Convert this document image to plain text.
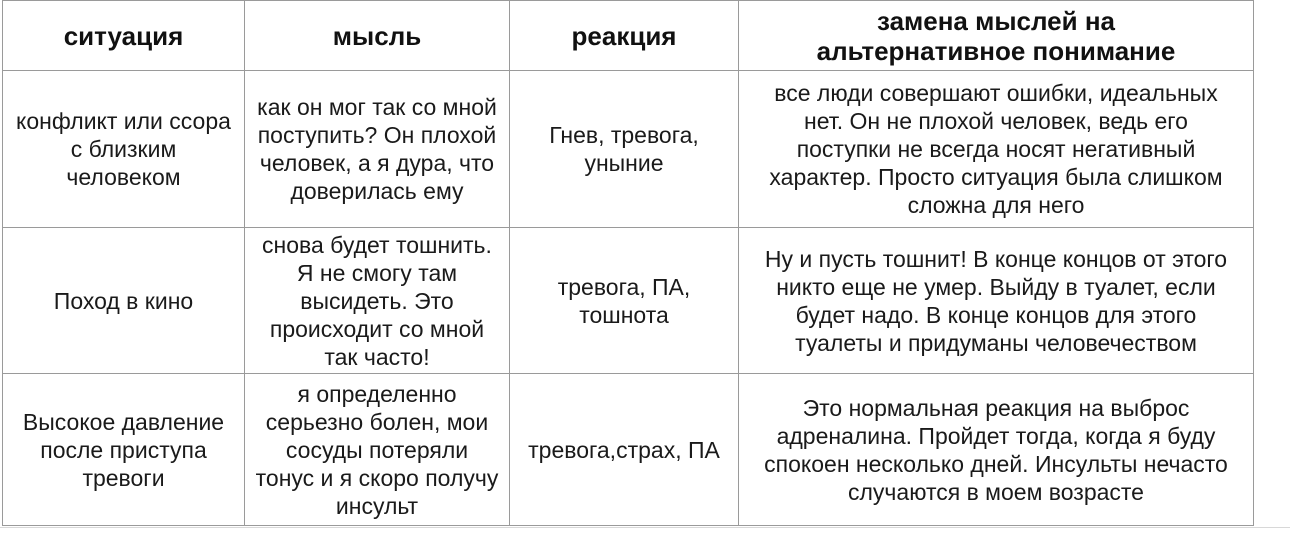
ситуация	мысль	реакция	замена мыслей на
альтернативное понимание

конфликт или ссора
с близким
человеком	как он мог так со мной
поступить? Он плохой
человек, а я дура, что
доверилась ему	Гнев, тревога,
уныние	все люди совершают ошибки, идеальных
нет. Он не плохой человек, ведь его
поступки не всегда носят негативный
характер. Просто ситуация была слишком
сложна для него

Поход в кино	снова будет тошнить.
Я не смогу там
высидеть. Это
происходит со мной
так часто!	тревога, ПА,
тошнота	Ну и пусть тошнит! В конце концов от этого
никто еще не умер. Выйду в туалет, если
будет надо. В конце концов для этого
туалеты и придуманы человечеством

Высокое давление
после приступа
тревоги	я определенно
серьезно болен, мои
сосуды потеряли
тонус и я скоро получу
инсульт	тревога,страх, ПА	Это нормальная реакция на выброс
адреналина. Пройдет тогда, когда я буду
спокоен несколько дней. Инсульты нечасто
случаются в моем возрасте
